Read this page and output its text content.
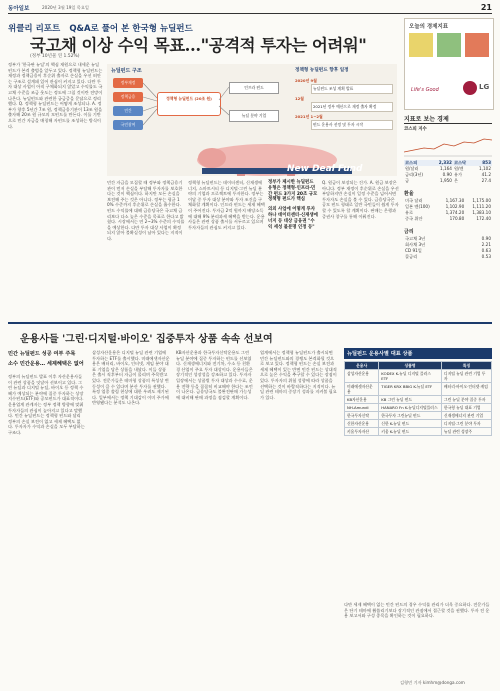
동아일보	2020년 3월 19일 목요일	21
위클리 리포트 Q&A로 풀어 본 한국형 뉴딜펀드
국고채 이상 수익 목표…"공격적 투자는 어려워"
(정부 10년물 연 1.52%)
정부가 '한국판 뉴딜'의 핵심 재원으로 내세운 뉴딜펀드가 본격 출범을 앞두고 있다. 정책형 뉴딜펀드는 재정과 정책금융이 후순위 출자로 손실을 우선 떠안는 구조로 설계돼 있어 관심이 커지고 있다. 다만 투자 대상 사업이 아직 구체화되지 않았고 수익률도 국고채 수준을 조금 웃도는 정도에 그칠 것이란 전망이 나온다. 뉴딜펀드와 관련한 궁금증을 문답으로 정리했다. Q. 정책형 뉴딜펀드는 어떻게 조성되나. A. 정부가 향후 5년간 7조 원, 정책금융기관이 13조 원을 출자해 20조 원 규모의 모펀드를 만든다. 이를 기반으로 민간 자금을 매칭해 자펀드를 조성하는 방식이다.
뉴딜펀드 구조
정부재정
정책금융
민간
국민참여
정책형 뉴딜펀드 (20조 원)
인프라 펀드
뉴딜 분야 기업
정책형 뉴딜펀드 향후 일정
2020년 9월
뉴딜펀드 조성 계획 발표
12월
2021년 정부 예산으로 재정 출자 확정
2021년 1~2월
펀드 운용사 선정 및 투자 시작
New Deal Fund
민간 자금을 모집할 때 정부와 정책금융기관이 먼저 손실을 부담해 투자자를 보호한다는 것이 핵심이다. 하지만 모든 손실을 보전해 주는 것은 아니다. 정부는 평균 10% 수준까지 후순위로 손실을 흡수한다. 펀드 수익률에 대해 금융당국은 국고채 금리보다 다소 높은 수준을 목표로 한다고 밝혔다. 시장에서는 연 2~3% 수준의 수익률을 예상한다. 다만 투자 대상 사업이 확정되지 않아 불확실성이 남아 있다는 지적이다.
정책형 뉴딜펀드는 데이터센터, 신재생에너지, 스마트시티 등 디지털·그린 뉴딜 분야의 기업과 프로젝트에 투자한다. 정부는 이달 중 투자 대상 분야와 투자 조건을 구체화할 계획이다. 인프라 펀드는 세제 혜택이 주어진다. 투자금 2억 원까지 배당소득에 대해 9% 분리과세 혜택을 받는다. 운용사들은 관련 상품 출시를 서두르고 있으며 투자자들의 관심도 커지고 있다.
정부가 제시한 뉴딜펀드 유형은 정책형·인프라·민간 펀드 3가지 20조 규모 정책형 펀드가 핵심
의외 사업에 어떻게 투자하나 데이터센터·신재생에너지 등 대상 금융권 "수익 세성 불분명 인정 등"
Q. 원금이 보장되는 건가. A. 원금 보장은 아니다. 정부 재정이 후순위로 손실을 우선 부담하지만 손실이 일정 수준을 넘어서면 투자자도 손실을 볼 수 있다. 금융당국은 공모 펀드 형태로 일반 국민들이 쉽게 투자할 수 있도록 할 계획이다. 판매는 은행과 증권사 창구를 통해 이뤄진다.
오늘의 경제지표
Life's Good	LG
지표로 보는 경제
코스피 지수
코스피	2,332	코스닥	853
원/달러	1,164	원/엔	1,102
금리(3년)	0.90	유가	41.2
금	1,950	은	27.4
환율
미국 달러	1,167.30	1,175.00
일본 엔(100)	1,102.90	1,111.20
유로	1,374.20	1,383.10
중국 위안	170.80	172.40
금리
국고채 3년	0.90
회사채 3년	2.21
CD 91일	0.63
콜금리	0.53
운용사들 '그린·디지털·바이오' 집중투자 상품 속속 선보여
민간 뉴딜펀드 성공 여부 주목
소수 민간운용… 세제혜택은 없어
정부의 뉴딜펀드 발표 이후 자산운용사들이 관련 상품을 잇달아 선보이고 있다. 그린 뉴딜과 디지털 뉴딜, 바이오 등 정책 수혜가 예상되는 분야에 집중 투자하는 상장지수펀드(ETF)와 공모펀드가 대표적이다. 운용업계 관계자는 정부 정책 방향에 맞춰 투자자들의 관심이 높아지고 있다고 말했다. 민간 뉴딜펀드는 정책형 펀드와 달리 정부의 손실 보전이 없고 세제 혜택도 없다. 투자자가 수익과 손실을 모두 부담하는 구조다.
삼성자산운용은 디지털 뉴딜 관련 기업에 투자하는 ETF를 출시했다. 미래에셋자산운용은 배터리, 바이오, 인터넷, 게임 분야 대표 기업을 담은 상품을 내놨다. 이들 상품은 출시 직후부터 자금이 몰리며 주목받고 있다. 전문가들은 테마형 상품의 특성상 변동성이 클 수 있다며 분산 투자를 권했다. 특정 업종 쏠림 현상에 대한 우려도 제기된다. 일부에서는 정책 기대감이 이미 주가에 반영됐다는 분석도 나온다.
KB자산운용과 한국투자신탁운용도 그린 뉴딜 분야에 집중 투자하는 펀드를 선보였다. 신재생에너지와 전기차, 수소 등 친환경 산업이 주요 투자 대상이다. 운용사들은 장기적인 성장성을 강조하고 있다. 투자자 입장에서는 상품별 투자 대상과 수수료, 운용 전략 등을 꼼꼼히 비교해야 한다는 조언이 나온다. 금융당국도 불완전판매 가능성에 대비해 판매 과정을 점검할 계획이다.
업계에서는 정책형 뉴딜펀드가 출시되면 민간 뉴딜펀드와의 경쟁도 본격화될 것으로 보고 있다. 정책형 펀드는 손실 보전과 세제 혜택이 있는 반면 민간 펀드는 상대적으로 높은 수익을 추구할 수 있다는 장점이 있다. 투자자의 위험 성향에 따라 상품을 선택하는 것이 바람직하다는 지적이다. 뉴딜 관련 테마의 중장기 성과를 지켜볼 필요가 있다.
뉴딜펀드 운용사별 대표 상품
운용사	상품명	특징
삼성자산운용	KODEX K-뉴딜 디지털 플러스 ETF	디지털 뉴딜 관련 기업 투자
미래에셋자산운용	TIGER KRX BBIG K-뉴딜 ETF	배터리·바이오·인터넷·게임
KB자산운용	KB 그린 뉴딜 펀드	그린 뉴딜 분야 집중 투자
NH-Amundi	HANARO Fn K-뉴딜디지털플러스	한국형 뉴딜 대표 기업
한국투자신탁	한국투자 그린뉴딜 펀드	신재생에너지 관련 기업
신한자산운용	신한 K-뉴딜 펀드	디지털·그린 분야 투자
키움투자자산	키움 K-뉴딜 펀드	뉴딜 관련 성장주
다만 세제 혜택이 없는 민간 펀드의 경우 수익률 관리가 더욱 중요하다. 전문가들은 단기 테마에 휩쓸리기보다 장기적인 관점에서 접근할 것을 권했다. 투자 전 운용 보고서와 구성 종목을 확인하는 것이 필요하다.
김형민 기자 kimhm@donga.com
